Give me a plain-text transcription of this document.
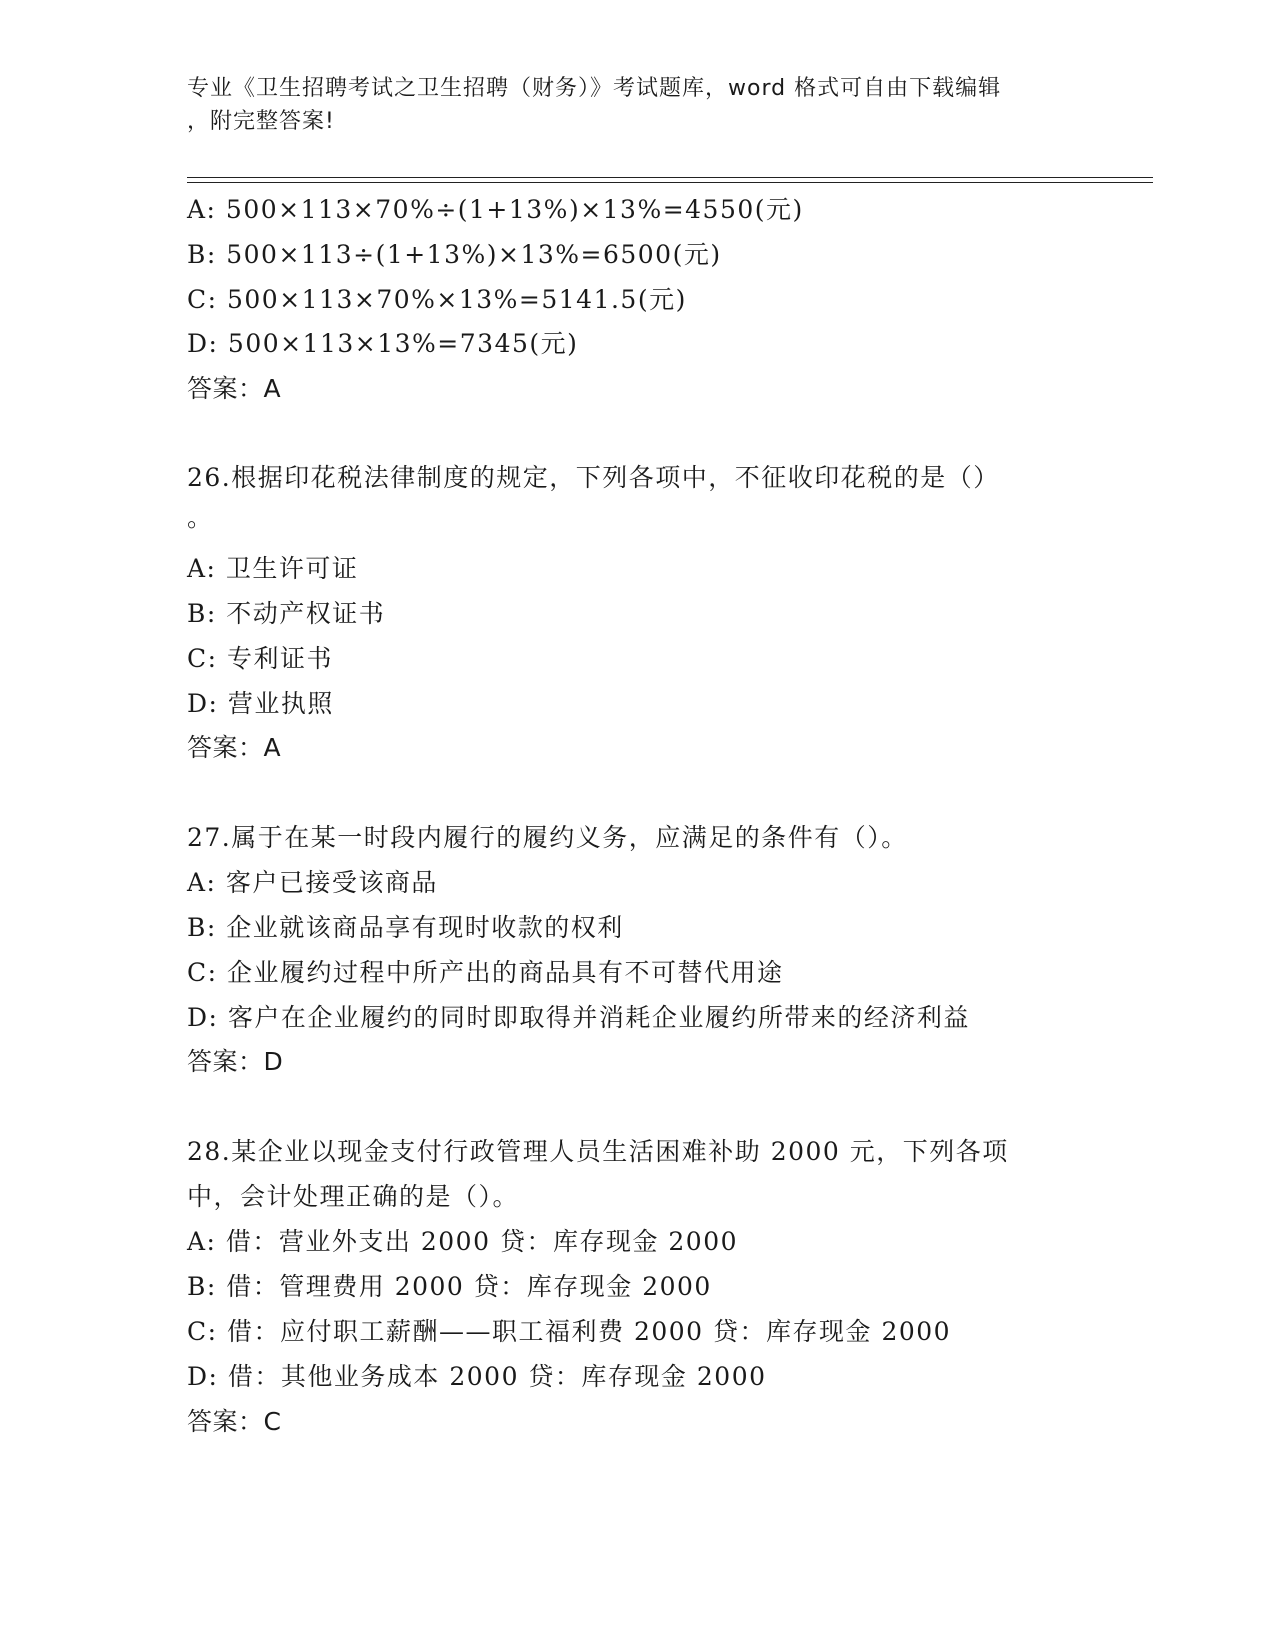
专业《卫生招聘考试之卫生招聘（财务）》考试题库，word 格式可自由下载编辑
，附完整答案!
A: 500×113×70%÷(1+13%)×13%=4550(元)
B: 500×113÷(1+13%)×13%=6500(元)
C: 500×113×70%×13%=5141.5(元)
D: 500×113×13%=7345(元)
答案：A
26.根据印花税法律制度的规定，下列各项中，不征收印花税的是（）
。
A: 卫生许可证
B: 不动产权证书
C: 专利证书
D: 营业执照
答案：A
27.属于在某一时段内履行的履约义务，应满足的条件有（）。
A: 客户已接受该商品
B: 企业就该商品享有现时收款的权利
C: 企业履约过程中所产出的商品具有不可替代用途
D: 客户在企业履约的同时即取得并消耗企业履约所带来的经济利益
答案：D
28.某企业以现金支付行政管理人员生活困难补助 2000 元，下列各项
中，会计处理正确的是（）。
A: 借：营业外支出 2000 贷：库存现金 2000
B: 借：管理费用 2000 贷：库存现金 2000
C: 借：应付职工薪酬——职工福利费 2000 贷：库存现金 2000
D: 借：其他业务成本 2000 贷：库存现金 2000
答案：C
